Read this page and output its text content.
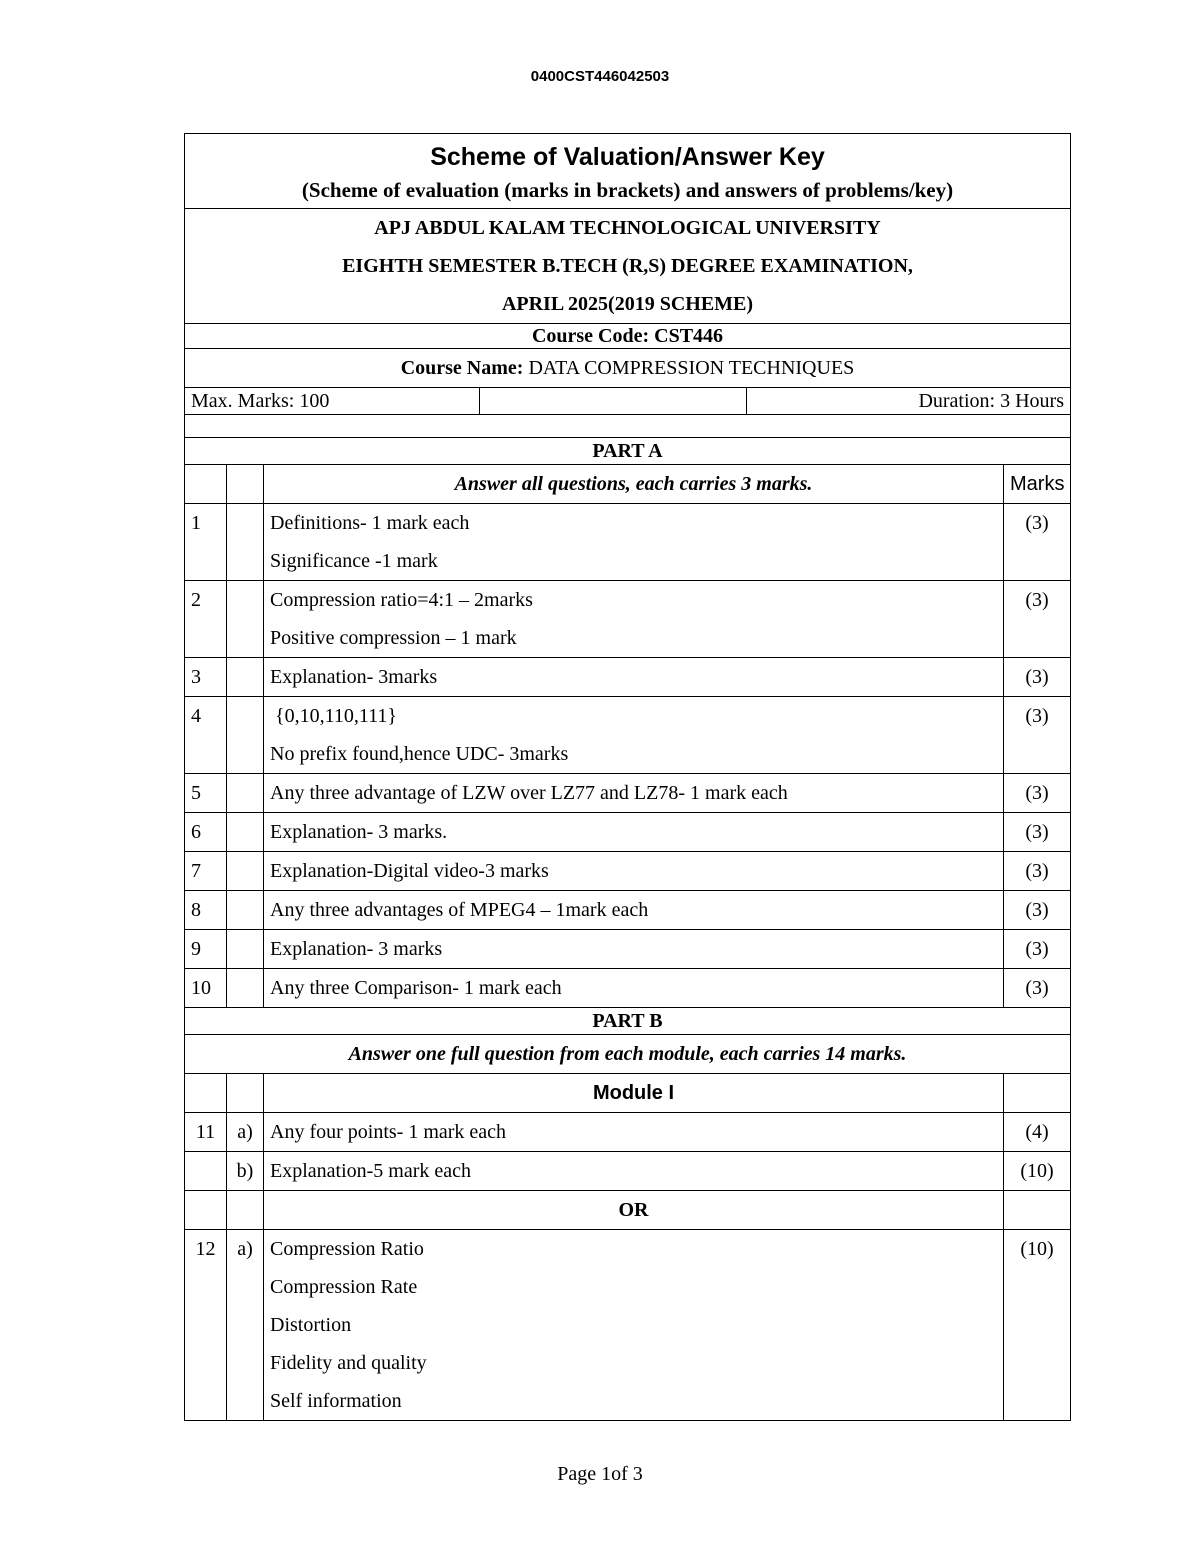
0400CST446042503
Scheme of Valuation/Answer Key
(Scheme of evaluation (marks in brackets) and answers of problems/key)

APJ ABDUL KALAM TECHNOLOGICAL UNIVERSITY
EIGHTH SEMESTER B.TECH (R,S) DEGREE EXAMINATION,
APRIL 2025(2019 SCHEME)

Course Code: CST446
Course Name: DATA COMPRESSION TECHNIQUES

Max. Marks: 100		Duration: 3 Hours

PART A
		Answer all questions, each carries 3 marks.	Marks
1		Definitions- 1 mark each
Significance -1 mark
	(3)
2		Compression ratio=4:1 – 2marks
Positive compression – 1 mark
	(3)
3		Explanation- 3marks	(3)
4		{0,10,110,111}
No prefix found,hence UDC- 3marks
	(3)
5		Any three advantage of LZW over LZ77 and LZ78- 1 mark each	(3)
6		Explanation- 3 marks.	(3)
7		Explanation-Digital video-3 marks	(3)
8		Any three advantages of MPEG4 – 1mark each	(3)
9		Explanation- 3 marks	(3)
10		Any three Comparison- 1 mark each	(3)
PART B
Answer one full question from each module, each carries 14 marks.
		Module I	
11	a)	Any four points- 1 mark each	(4)
	b)	Explanation-5 mark each	(10)
		OR	
12	a)	Compression Ratio
Compression Rate
Distortion
Fidelity and quality
Self information
	(10)
Page 1of 3
